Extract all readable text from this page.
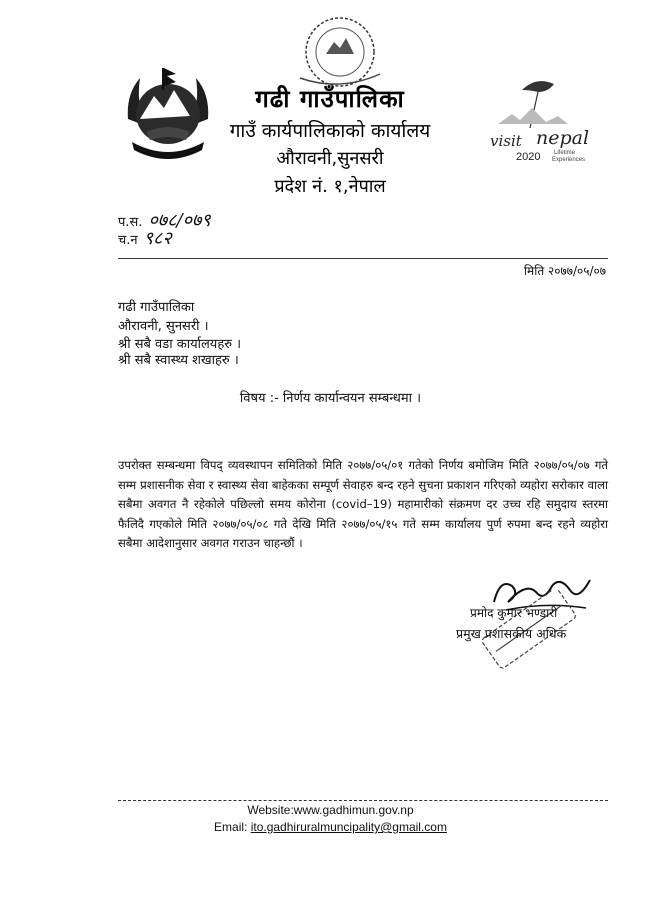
गढी गाउँपालिका
गाउँ कार्यपालिकाको कार्यालय
औरावनी,सुनसरी
प्रदेश नं. १,नेपाल
visit nepal
2020 Lifetime
Experiences
प.स. ०७८/०७९
च.न ९८२
मिति २०७७/०५/०७
गढी गाउँपालिका
औरावनी, सुनसरी ।
श्री सबै वडा कार्यालयहरु ।
श्री सबै स्वास्थ्य शखाहरु ।
विषय :- निर्णय कार्यान्वयन सम्बन्धमा ।
उपरोक्त सम्बन्धमा विपद् व्यवस्थापन समितिको मिति २०७७/०५/०१ गतेको निर्णय बमोजिम मिति २०७७/०५/०७ गते सम्म प्रशासनीक सेवा र स्वास्थ्य सेवा बाहेकका सम्पूर्ण सेवाहरु बन्द रहने सुचना प्रकाशन गरिएको व्यहोरा सरोकार वाला सबैमा अवगत नै रहेकोले पछिल्लो समय कोरोना (covid–19) महामारीको संक्रमण दर उच्च रहि समुदाय स्तरमा फैलिदै गएकोले मिति २०७७/०५/०८ गते देखि मिति २०७७/०५/१५ गते सम्म कार्यालय पुर्ण रुपमा बन्द रहने व्यहोरा सबैमा आदेशानुसार अवगत गराउन चाहन्छौं ।
प्रमोद कुमार भण्डारी
प्रमुख प्रशासकीय अधिक
Website:www.gadhimun.gov.np
Email: ito.gadhiruralmuncipality@gmail.com
